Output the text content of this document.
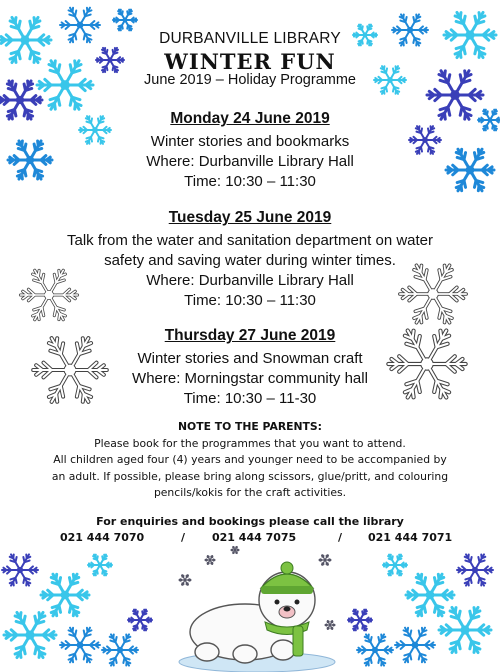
DURBANVILLE LIBRARY
WINTER FUN
June 2019 – Holiday Programme
Monday 24 June 2019
Winter stories and bookmarks
Where: Durbanville Library Hall
Time: 10:30 – 11:30
Tuesday 25 June 2019
Talk from the water and sanitation department on water
safety and saving water during winter times.
Where: Durbanville Library Hall
Time: 10:30 – 11:30
Thursday 27 June 2019
Winter stories and Snowman craft
Where: Morningstar community hall
Time: 10:30 – 11-30
NOTE TO THE PARENTS:
Please book for the programmes that you want to attend.
All children aged four (4) years and younger need to be accompanied by
an adult. If possible, please bring along scissors, glue/pritt, and colouring
pencils/kokis for the craft activities.
For enquiries and bookings please call the library
021 444 7070	/ 021 444 7075	/ 021 444 7071
